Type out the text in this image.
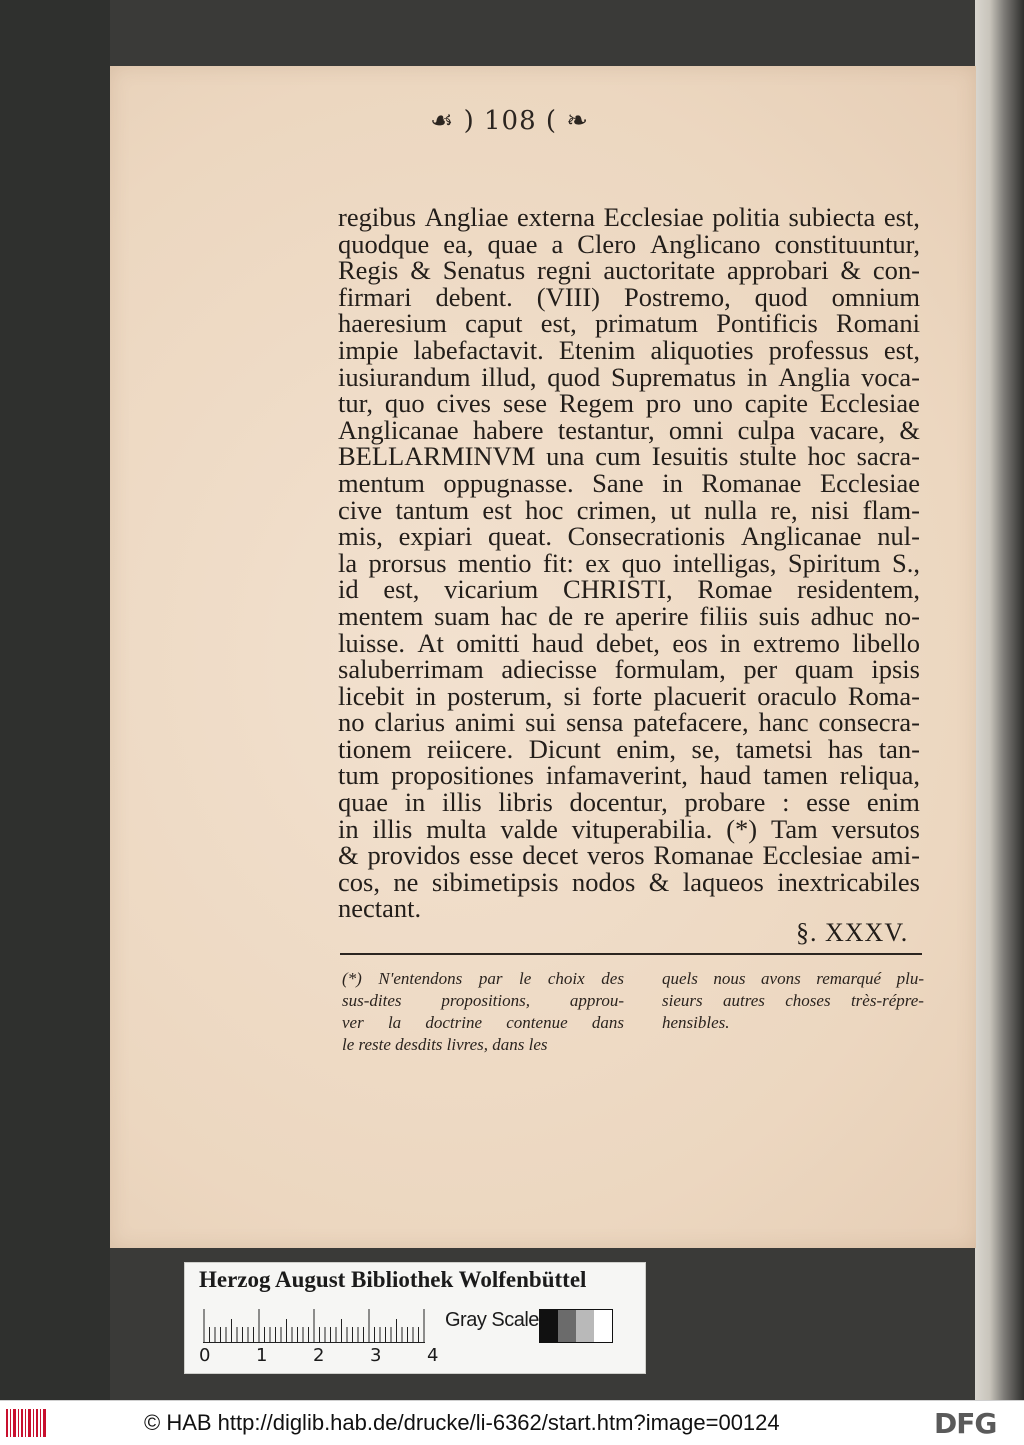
☙ ) 108 ( ❧
regibus Angliae externa Ecclesiae politia subiecta est,
quodque ea, quae a Clero Anglicano constituuntur,
Regis & Senatus regni auctoritate approbari & con-
firmari debent. (VIII) Postremo, quod omnium
haeresium caput est, primatum Pontificis Romani
impie labefactavit. Etenim aliquoties professus est,
iusiurandum illud, quod Suprematus in Anglia voca-
tur, quo cives sese Regem pro uno capite Ecclesiae
Anglicanae habere testantur, omni culpa vacare, &
BELLARMINVM una cum Iesuitis stulte hoc sacra-
mentum oppugnasse. Sane in Romanae Ecclesiae
cive tantum est hoc crimen, ut nulla re, nisi flam-
mis, expiari queat. Consecrationis Anglicanae nul-
la prorsus mentio fit: ex quo intelligas, Spiritum S.,
id est, vicarium CHRISTI, Romae residentem,
mentem suam hac de re aperire filiis suis adhuc no-
luisse. At omitti haud debet, eos in extremo libello
saluberrimam adiecisse formulam, per quam ipsis
licebit in posterum, si forte placuerit oraculo Roma-
no clarius animi sui sensa patefacere, hanc consecra-
tionem reiicere. Dicunt enim, se, tametsi has tan-
tum propositiones infamaverint, haud tamen reliqua,
quae in illis libris docentur, probare : esse enim
in illis multa valde vituperabilia. (*) Tam versutos
& providos esse decet veros Romanae Ecclesiae ami-
cos, ne sibimetipsis nodos & laqueos inextricabiles
nectant.
§. XXXV.
(*) N'entendons par le choix des
sus-dites propositions, approu-
ver la doctrine contenue dans
le reste desdits livres, dans les
quels nous avons remarqué plu-
sieurs autres choses très-répre-
hensibles.
Herzog August Bibliothek Wolfenbüttel
0	1	2	3	4
Gray Scale
© HAB http://diglib.hab.de/drucke/li-6362/start.htm?image=00124	DFG
